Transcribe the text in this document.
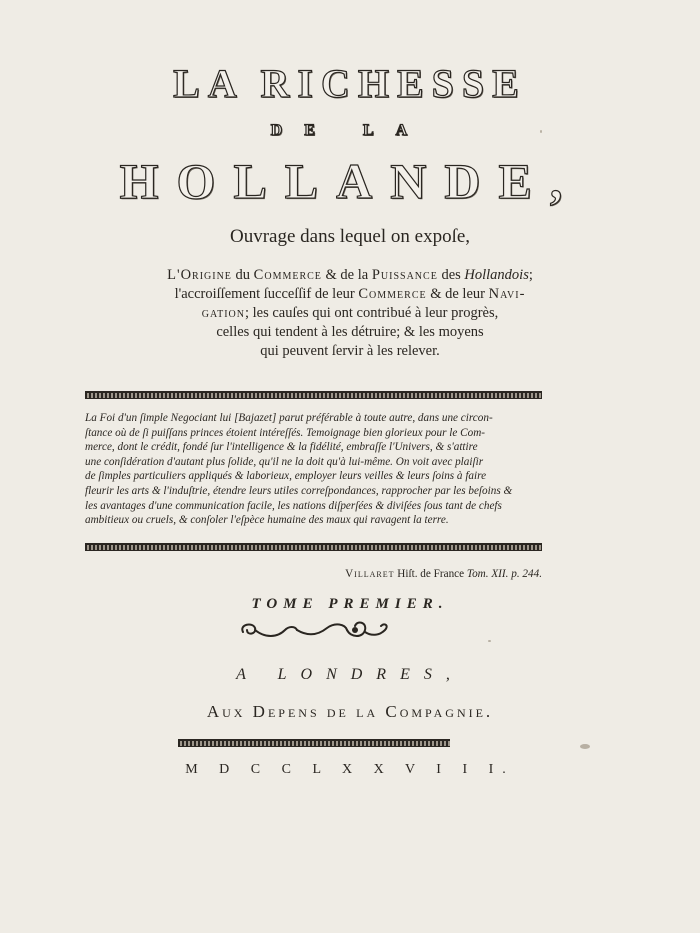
LA RICHESSE
DE LA
HOLLANDE,
Ouvrage dans lequel on expoſe,
L'Origine du Commerce & de la Puissance des Hollandois;
l'accroiſſement ſucceſſif de leur Commerce & de leur Navi-
gation; les cauſes qui ont contribué à leur progrès,
celles qui tendent à les détruire; & les moyens
qui peuvent ſervir à les relever.
La Foi d'un ſimple Negociant lui [Bajazet] parut préférable à toute autre, dans une circon-
ſtance où de ſi puiſſans princes étoient intéreſſés. Temoignage bien glorieux pour le Com-
merce, dont le crédit, fondé ſur l'intelligence & la fidélité, embraſſe l'Univers, & s'attire
une conſidération d'autant plus ſolide, qu'il ne la doit qu'à lui-même. On voit avec plaiſir
de ſimples particuliers appliqués & laborieux, employer leurs veilles & leurs ſoins à faire
fleurir les arts & l'induſtrie, étendre leurs utiles correſpondances, rapprocher par les beſoins &
les avantages d'une communication facile, les nations diſperſées & diviſées ſous tant de chefs
ambitieux ou cruels, & conſoler l'eſpèce humaine des maux qui ravagent la terre.
Villaret Hiſt. de France Tom. XII. p. 244.
TOME PREMIER.
A LONDRES,
Aux Depens de la Compagnie.
M D C C L X X V I I I.
